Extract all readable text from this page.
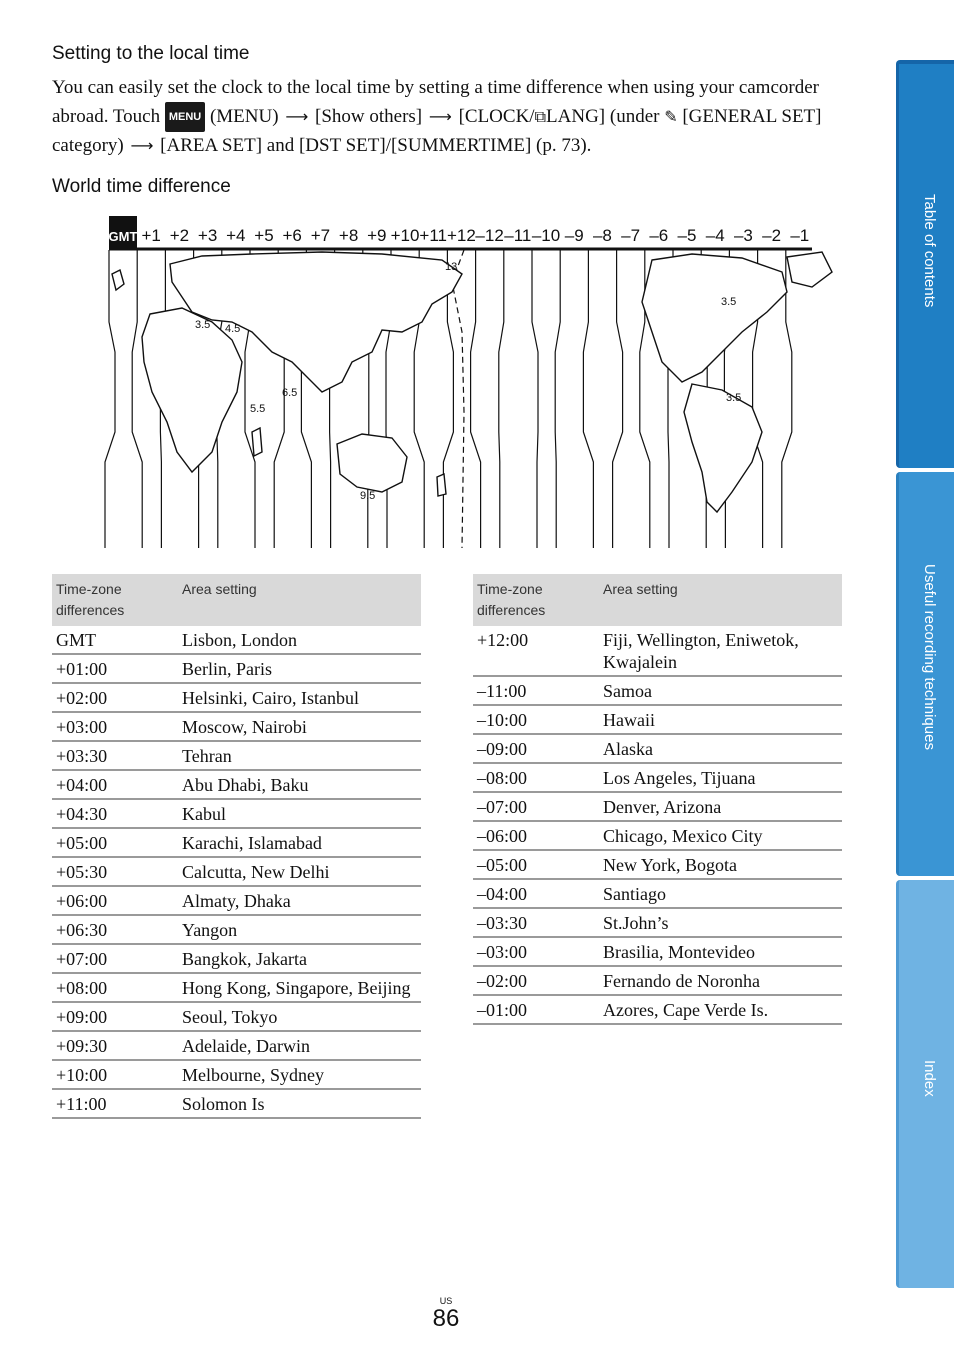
Setting to the local time

You can easily set the clock to the local time by setting a time difference when using your camcorder abroad. Touch MENU (MENU) ⟶ [Show others] ⟶ [CLOCK/⧉LANG] (under ✎ [GENERAL SET] category) ⟶ [AREA SET] and [DST SET]/[SUMMERTIME] (p. 73).

World time difference
GMT +1 +2 +3 +4 +5 +6 +7 +8 +9 +10 +11 +12 –12 –11 –10 –9 –8 –7 –6 –5 –4 –3 –2 –1
13
3.5 4.5
5.5
6.5
9.5
3.5
3.5
Time-zone differences	Area setting
GMT	Lisbon, London
+01:00	Berlin, Paris
+02:00	Helsinki, Cairo, Istanbul
+03:00	Moscow, Nairobi
+03:30	Tehran
+04:00	Abu Dhabi, Baku
+04:30	Kabul
+05:00	Karachi, Islamabad
+05:30	Calcutta, New Delhi
+06:00	Almaty, Dhaka
+06:30	Yangon
+07:00	Bangkok, Jakarta
+08:00	Hong Kong, Singapore, Beijing
+09:00	Seoul, Tokyo
+09:30	Adelaide, Darwin
+10:00	Melbourne, Sydney
+11:00	Solomon Is
Time-zone differences	Area setting
+12:00	Fiji, Wellington, Eniwetok, Kwajalein
–11:00	Samoa
–10:00	Hawaii
–09:00	Alaska
–08:00	Los Angeles, Tijuana
–07:00	Denver, Arizona
–06:00	Chicago, Mexico City
–05:00	New York, Bogota
–04:00	Santiago
–03:30	St.John’s
–03:00	Brasilia, Montevideo
–02:00	Fernando de Noronha
–01:00	Azores, Cape Verde Is.
Table of contents
Useful recording techniques
Index
US
86
